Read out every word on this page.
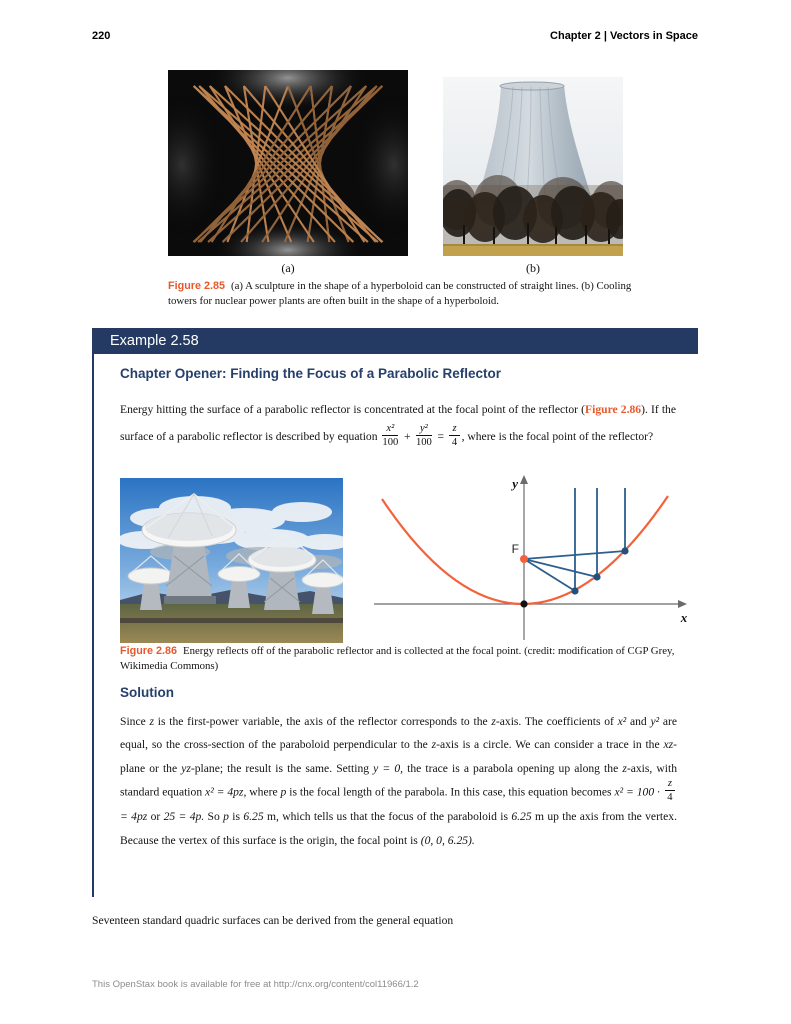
220	Chapter 2 | Vectors in Space
(a)	(b)
Figure 2.85 (a) A sculpture in the shape of a hyperboloid can be constructed of straight lines. (b) Cooling towers for nuclear power plants are often built in the shape of a hyperboloid.
Example 2.58
Chapter Opener: Finding the Focus of a Parabolic Reflector
Energy hitting the surface of a parabolic reflector is concentrated at the focal point of the reflector (Figure 2.86). If the surface of a parabolic reflector is described by equation $\frac{\text{x²}}{100} + \frac{\text{y²}}{100} = \frac{z}{4}$ , where is the focal point of the reflector?
y
x
F
Figure 2.86 Energy reflects off of the parabolic reflector and is collected at the focal point. (credit: modification of CGP Grey, Wikimedia Commons)
Solution
Since z is the first-power variable, the axis of the reflector corresponds to the z-axis. The coefficients of x² and y² are equal, so the cross-section of the paraboloid perpendicular to the z-axis is a circle. We can consider a trace in the xz-plane or the yz-plane; the result is the same. Setting y = 0, the trace is a parabola opening up along the z-axis, with standard equation x² = 4pz, where p is the focal length of the parabola. In this case, this equation becomes $x^2 = 100 \cdot \frac{z}{4}$
= 4pz or 25 = 4p. So p is 6.25 m, which tells us that the focus of the paraboloid is 6.25 m up the axis from the vertex. Because the vertex of this surface is the origin, the focal point is (0, 0, 6.25).
Seventeen standard quadric surfaces can be derived from the general equation
This OpenStax book is available for free at http://cnx.org/content/col11966/1.2
